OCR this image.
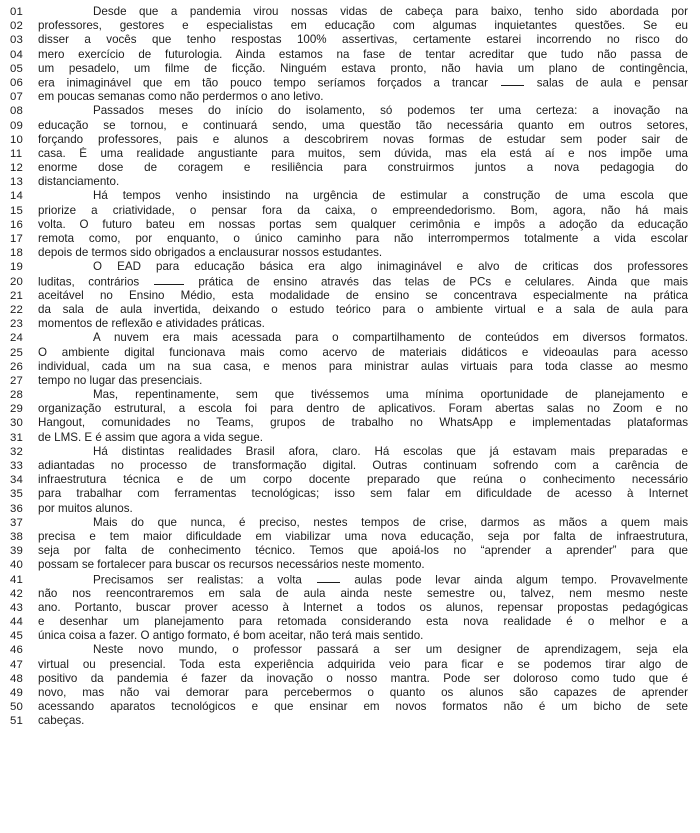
01	Desde que a pandemia virou nossas vidas de cabeça para baixo, tenho sido abordada por
02	professores, gestores e especialistas em educação com algumas inquietantes questões. Se eu
03	disser a vocês que tenho respostas 100% assertivas, certamente estarei incorrendo no risco do
04	mero exercício de futurologia. Ainda estamos na fase de tentar acreditar que tudo não passa de
05	um pesadelo, um filme de ficção. Ninguém estava pronto, não havia um plano de contingência,
06	era inimaginável que em tão pouco tempo seríamos forçados a trancar	salas de aula e pensar
07	em poucas semanas como não perdermos o ano letivo.
08	Passados meses do início do isolamento, só podemos ter uma certeza: a inovação na
09	educação se tornou, e continuará sendo, uma questão tão necessária quanto em outros setores,
10	forçando professores, pais e alunos a descobrirem novas formas de estudar sem poder sair de
11	casa. É uma realidade angustiante para muitos, sem dúvida, mas ela está aí e nos impõe uma
12	enorme dose de coragem e resiliência para construirmos juntos a nova pedagogia do
13	distanciamento.
14	Há tempos venho insistindo na urgência de estimular a construção de uma escola que
15	priorize a criatividade, o pensar fora da caixa, o empreendedorismo. Bom, agora, não há mais
16	volta. O futuro bateu em nossas portas sem qualquer cerimônia e impôs a adoção da educação
17	remota como, por enquanto, o único caminho para não interrompermos totalmente a vida escolar
18	depois de termos sido obrigados a enclausurar nossos estudantes.
19	O EAD para educação básica era algo inimaginável e alvo de criticas dos professores
20	luditas, contrários	prática de ensino através das telas de PCs e celulares. Ainda que mais
21	aceitável no Ensino Médio, esta modalidade de ensino se concentrava especialmente na prática
22	da sala de aula invertida, deixando o estudo teórico para o ambiente virtual e a sala de aula para
23	momentos de reflexão e atividades práticas.
24	A nuvem era mais acessada para o compartilhamento de conteúdos em diversos formatos.
25	O ambiente digital funcionava mais como acervo de materiais didáticos e videoaulas para acesso
26	individual, cada um na sua casa, e menos para ministrar aulas virtuais para toda classe ao mesmo
27	tempo no lugar das presenciais.
28	Mas, repentinamente, sem que tivéssemos uma mínima oportunidade de planejamento e
29	organização estrutural, a escola foi para dentro de aplicativos. Foram abertas salas no Zoom e no
30	Hangout, comunidades no Teams, grupos de trabalho no WhatsApp e implementadas plataformas
31	de LMS. E é assim que agora a vida segue.
32	Há distintas realidades Brasil afora, claro. Há escolas que já estavam mais preparadas e
33	adiantadas no processo de transformação digital. Outras continuam sofrendo com a carência de
34	infraestrutura técnica e de um corpo docente preparado que reúna o conhecimento necessário
35	para trabalhar com ferramentas tecnológicas; isso sem falar em dificuldade de acesso à Internet
36	por muitos alunos.
37	Mais do que nunca, é preciso, nestes tempos de crise, darmos as mãos a quem mais
38	precisa e tem maior dificuldade em viabilizar uma nova educação, seja por falta de infraestrutura,
39	seja por falta de conhecimento técnico. Temos que apoiá-los no “aprender a aprender” para que
40	possam se fortalecer para buscar os recursos necessários neste momento.
41	Precisamos ser realistas: a volta	aulas pode levar ainda algum tempo. Provavelmente
42	não nos reencontraremos em sala de aula ainda neste semestre ou, talvez, nem mesmo neste
43	ano. Portanto, buscar prover acesso à Internet a todos os alunos, repensar propostas pedagógicas
44	e desenhar um planejamento para retomada considerando esta nova realidade é o melhor e a
45	única coisa a fazer. O antigo formato, é bom aceitar, não terá mais sentido.
46	Neste novo mundo, o professor passará a ser um designer de aprendizagem, seja ela
47	virtual ou presencial. Toda esta experiência adquirida veio para ficar e se podemos tirar algo de
48	positivo da pandemia é fazer da inovação o nosso mantra. Pode ser doloroso como tudo que é
49	novo, mas não vai demorar para percebermos o quanto os alunos são capazes de aprender
50	acessando aparatos tecnológicos e que ensinar em novos formatos não é um bicho de sete
51	cabeças.
